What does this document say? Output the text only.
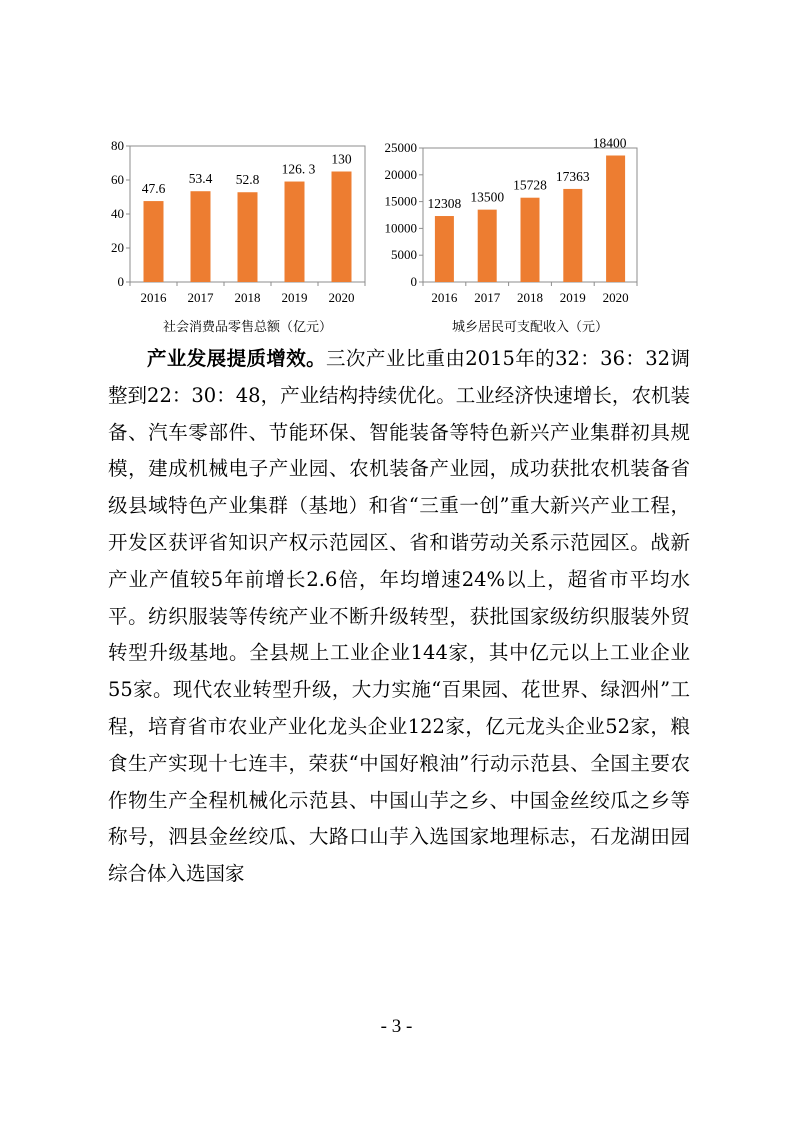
0
20
40
60
80
2016
47.6
2017
53.4
2018
52.8
2019
126. 3
2020
130
社会消费品零售总额（亿元）
0
5000
10000
15000
20000
25000
2016
12308
2017
13500
2018
15728
2019
17363
2020
18400
城乡居民可支配收入（元）

产业发展提质增效。三次产业比重由2015年的32：36：32调整到22：30：48，产业结构持续优化。工业经济快速增长，农机装备、汽车零部件、节能环保、智能装备等特色新兴产业集群初具规模，建成机械电子产业园、农机装备产业园，成功获批农机装备省级县域特色产业集群（基地）和省“三重一创”重大新兴产业工程，开发区获评省知识产权示范园区、省和谐劳动关系示范园区。战新产业产值较5年前增长2.6倍，年均增速24%以上，超省市平均水平。纺织服装等传统产业不断升级转型，获批国家级纺织服装外贸转型升级基地。全县规上工业企业144家，其中亿元以上工业企业55家。现代农业转型升级，大力实施“百果园、花世界、绿泗州”工程，培育省市农业产业化龙头企业122家，亿元龙头企业52家，粮食生产实现十七连丰，荣获“中国好粮油”行动示范县、全国主要农作物生产全程机械化示范县、中国山芋之乡、中国金丝绞瓜之乡等称号，泗县金丝绞瓜、大路口山芋入选国家地理标志，石龙湖田园综合体入选国家

- 3 -
